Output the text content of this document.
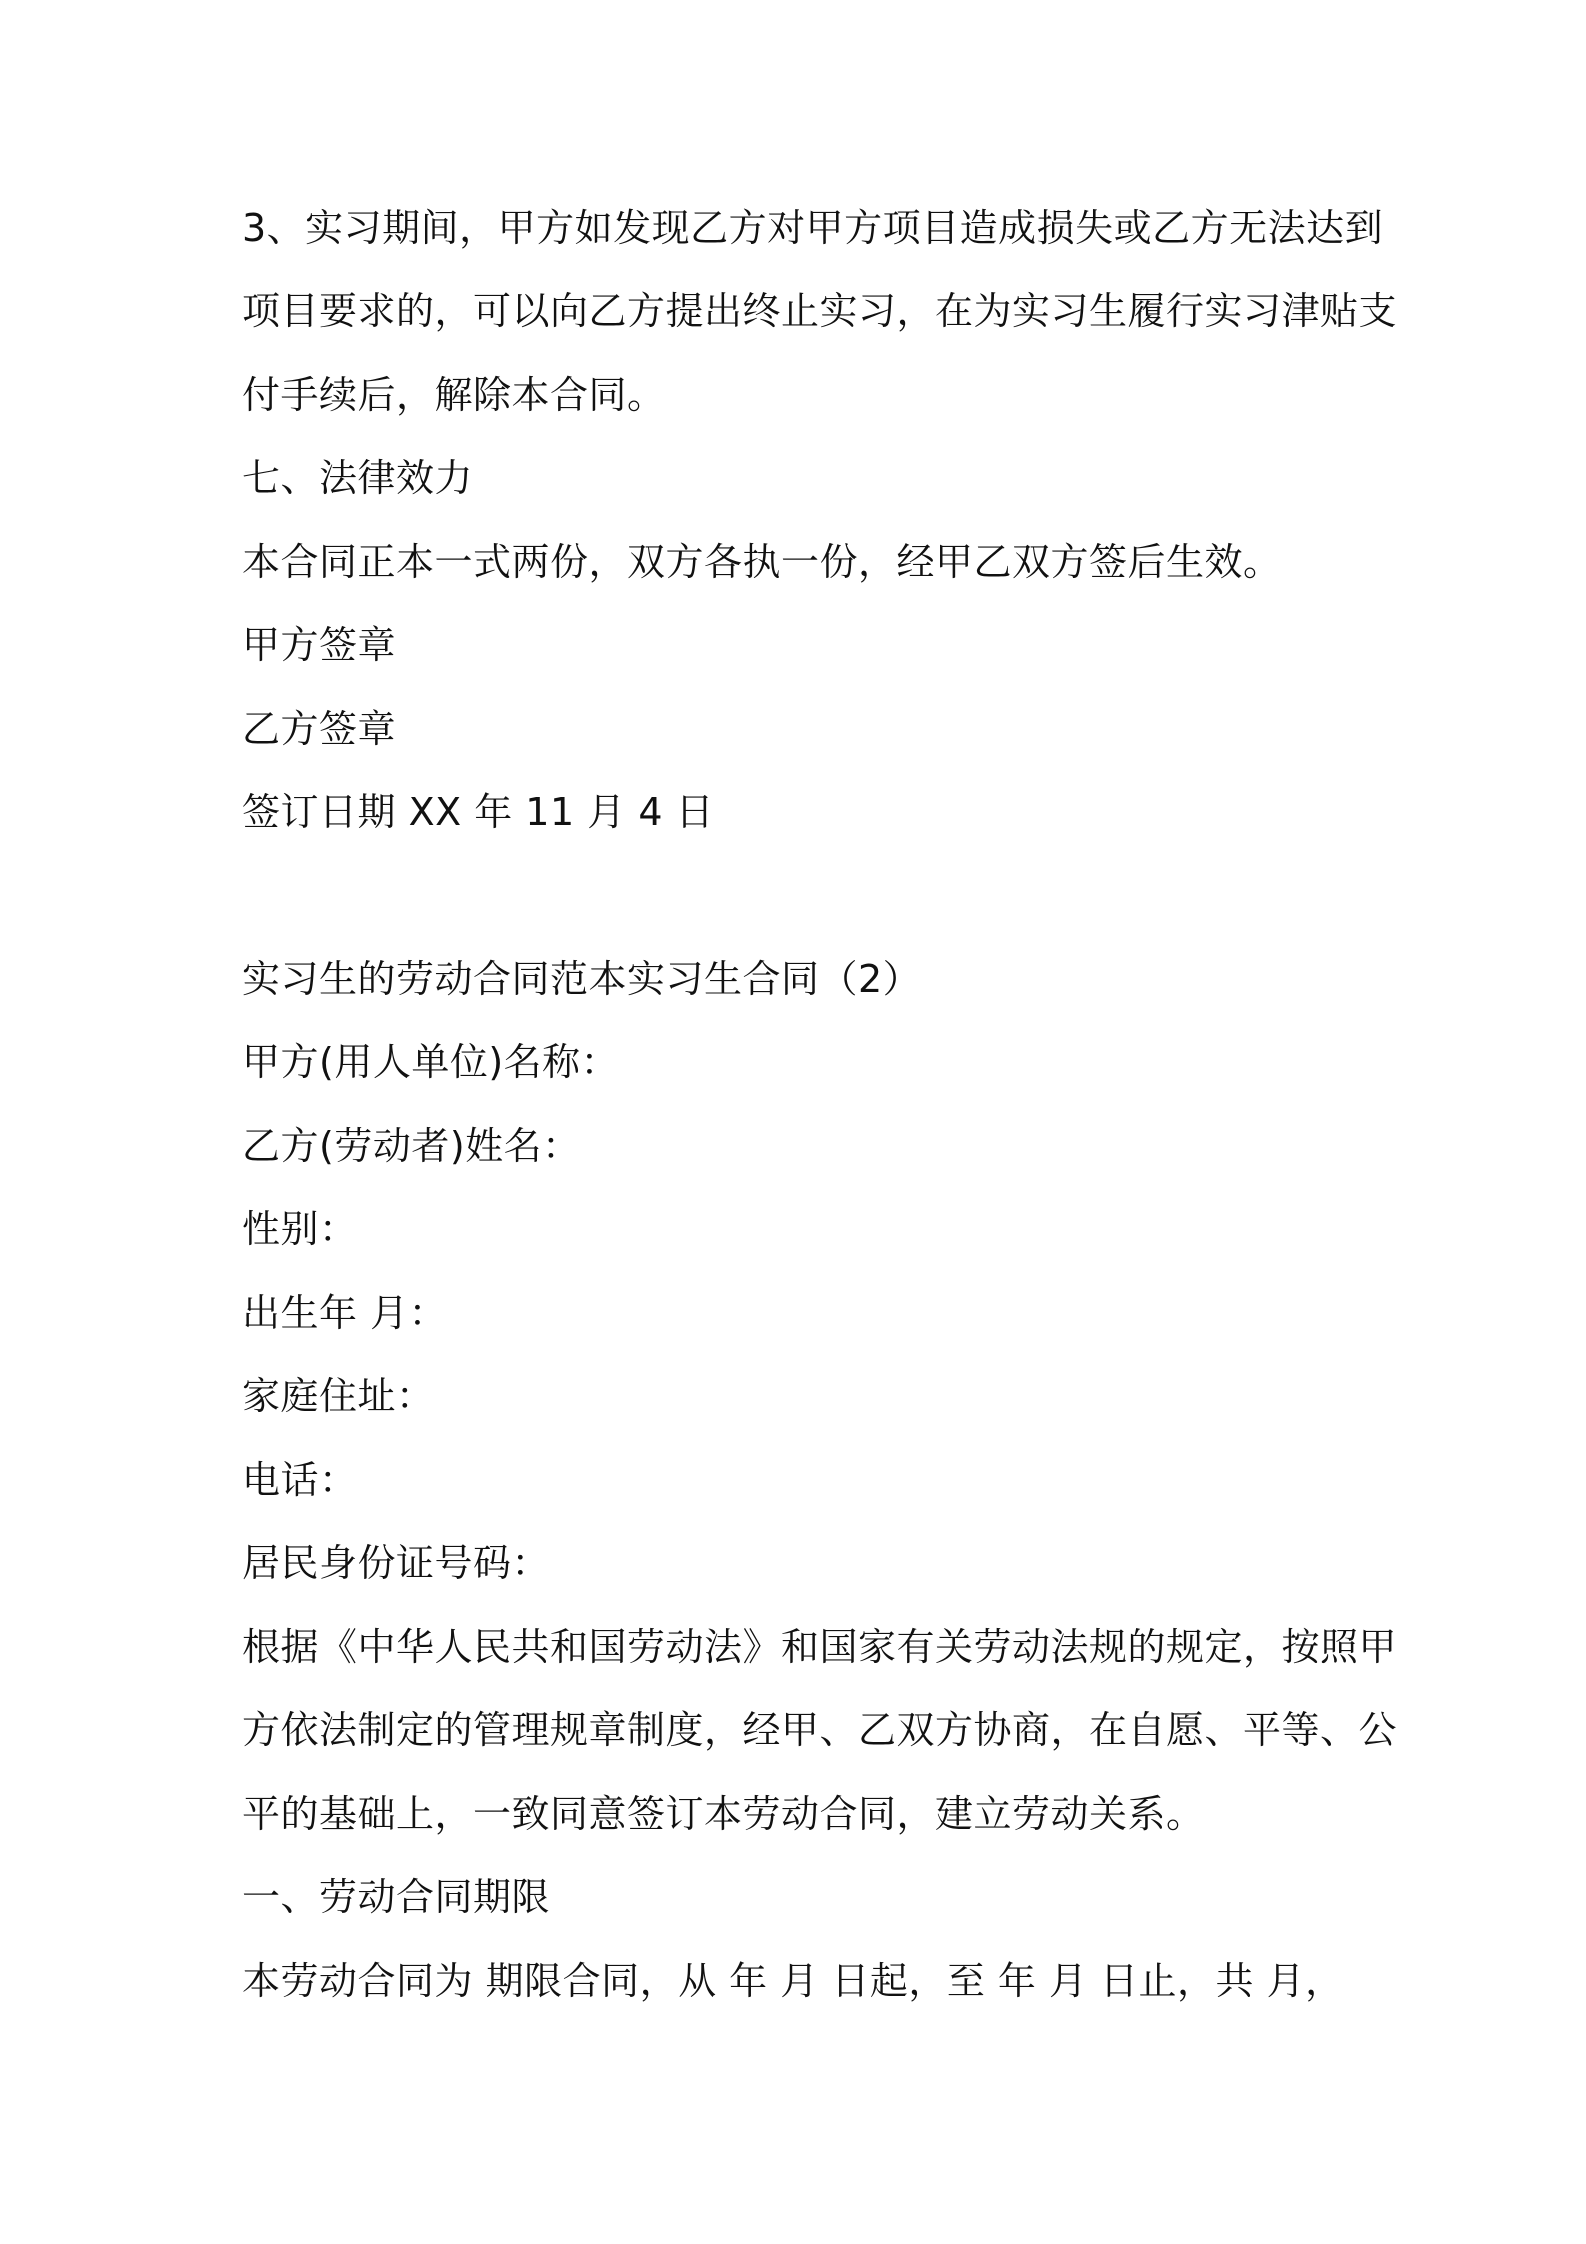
3、实习期间，甲方如发现乙方对甲方项目造成损失或乙方无法达到
项目要求的，可以向乙方提出终止实习，在为实习生履行实习津贴支
付手续后，解除本合同。
七、法律效力
本合同正本一式两份，双方各执一份，经甲乙双方签后生效。
甲方签章
乙方签章
签订日期 XX 年 11 月 4 日
实习生的劳动合同范本实习生合同（2）
甲方(用人单位)名称：
乙方(劳动者)姓名：
性别：
出生年 月：
家庭住址：
电话：
居民身份证号码：
根据《中华人民共和国劳动法》和国家有关劳动法规的规定，按照甲
方依法制定的管理规章制度，经甲、乙双方协商，在自愿、平等、公
平的基础上，一致同意签订本劳动合同，建立劳动关系。
一、劳动合同期限
本劳动合同为 期限合同，从 年 月 日起，至 年 月 日止，共 月，
